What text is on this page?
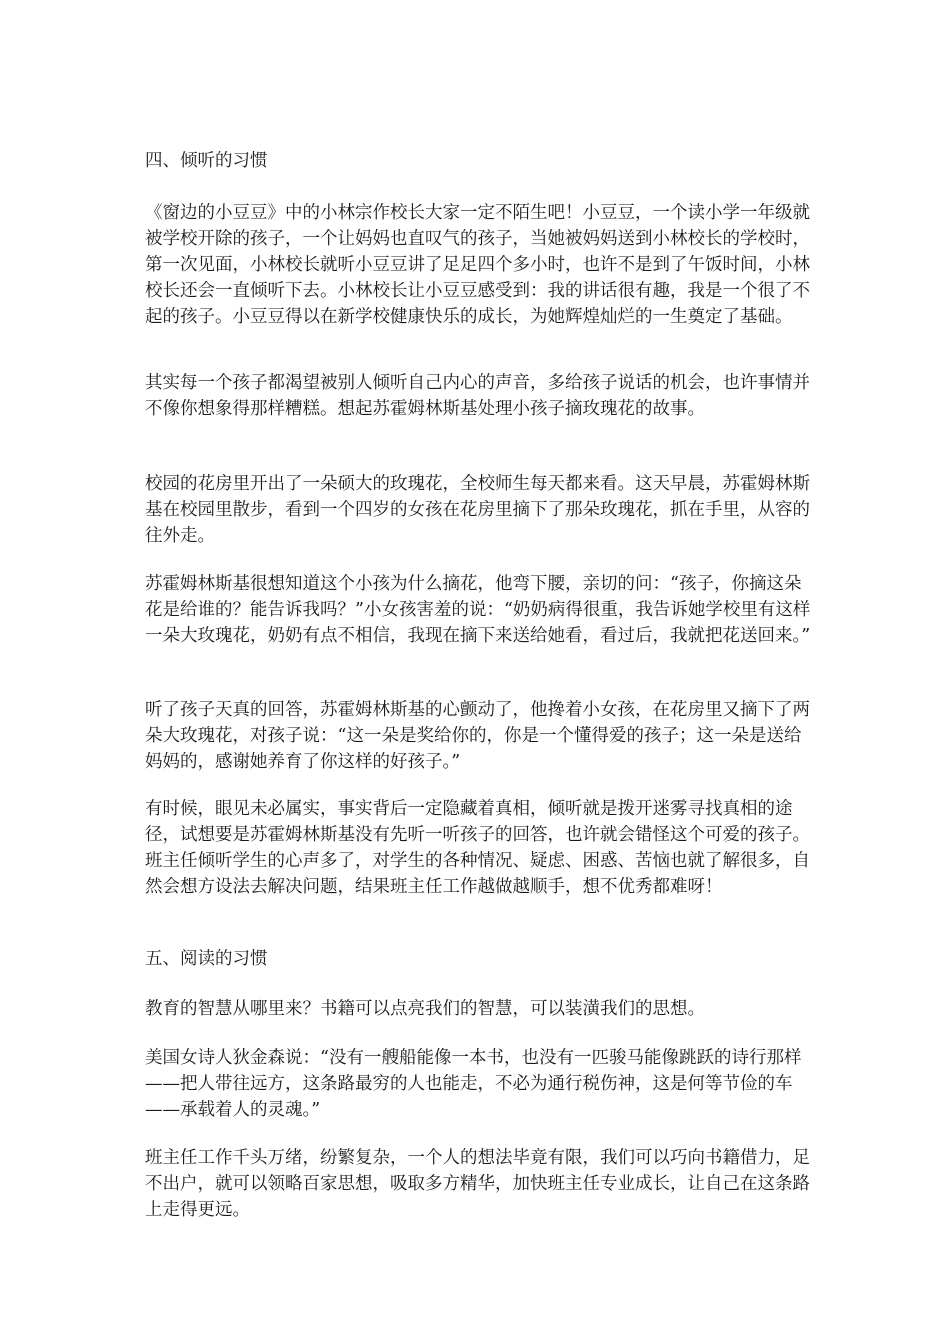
四、倾听的习惯

《窗边的小豆豆》中的小林宗作校长大家一定不陌生吧！小豆豆，一个读小学一年级就被学校开除的孩子，一个让妈妈也直叹气的孩子，当她被妈妈送到小林校长的学校时，第一次见面，小林校长就听小豆豆讲了足足四个多小时，也许不是到了午饭时间，小林校长还会一直倾听下去。小林校长让小豆豆感受到：我的讲话很有趣，我是一个很了不起的孩子。小豆豆得以在新学校健康快乐的成长，为她辉煌灿烂的一生奠定了基础。

其实每一个孩子都渴望被别人倾听自己内心的声音，多给孩子说话的机会，也许事情并不像你想象得那样糟糕。想起苏霍姆林斯基处理小孩子摘玫瑰花的故事。

校园的花房里开出了一朵硕大的玫瑰花，全校师生每天都来看。这天早晨，苏霍姆林斯基在校园里散步，看到一个四岁的女孩在花房里摘下了那朵玫瑰花，抓在手里，从容的往外走。

苏霍姆林斯基很想知道这个小孩为什么摘花，他弯下腰，亲切的问：“孩子，你摘这朵花是给谁的？能告诉我吗？”小女孩害羞的说：“奶奶病得很重，我告诉她学校里有这样一朵大玫瑰花，奶奶有点不相信，我现在摘下来送给她看，看过后，我就把花送回来。”

听了孩子天真的回答，苏霍姆林斯基的心颤动了，他搀着小女孩，在花房里又摘下了两朵大玫瑰花，对孩子说：“这一朵是奖给你的，你是一个懂得爱的孩子；这一朵是送给妈妈的，感谢她养育了你这样的好孩子。”

有时候，眼见未必属实，事实背后一定隐藏着真相，倾听就是拨开迷雾寻找真相的途径，试想要是苏霍姆林斯基没有先听一听孩子的回答，也许就会错怪这个可爱的孩子。班主任倾听学生的心声多了，对学生的各种情况、疑虑、困惑、苦恼也就了解很多，自然会想方设法去解决问题，结果班主任工作越做越顺手，想不优秀都难呀！

五、阅读的习惯

教育的智慧从哪里来？书籍可以点亮我们的智慧，可以装潢我们的思想。

美国女诗人狄金森说：“没有一艘船能像一本书，也没有一匹骏马能像跳跃的诗行那样——把人带往远方，这条路最穷的人也能走，不必为通行税伤神，这是何等节俭的车——承载着人的灵魂。”

班主任工作千头万绪，纷繁复杂，一个人的想法毕竟有限，我们可以巧向书籍借力，足不出户，就可以领略百家思想，吸取多方精华，加快班主任专业成长，让自己在这条路上走得更远。
